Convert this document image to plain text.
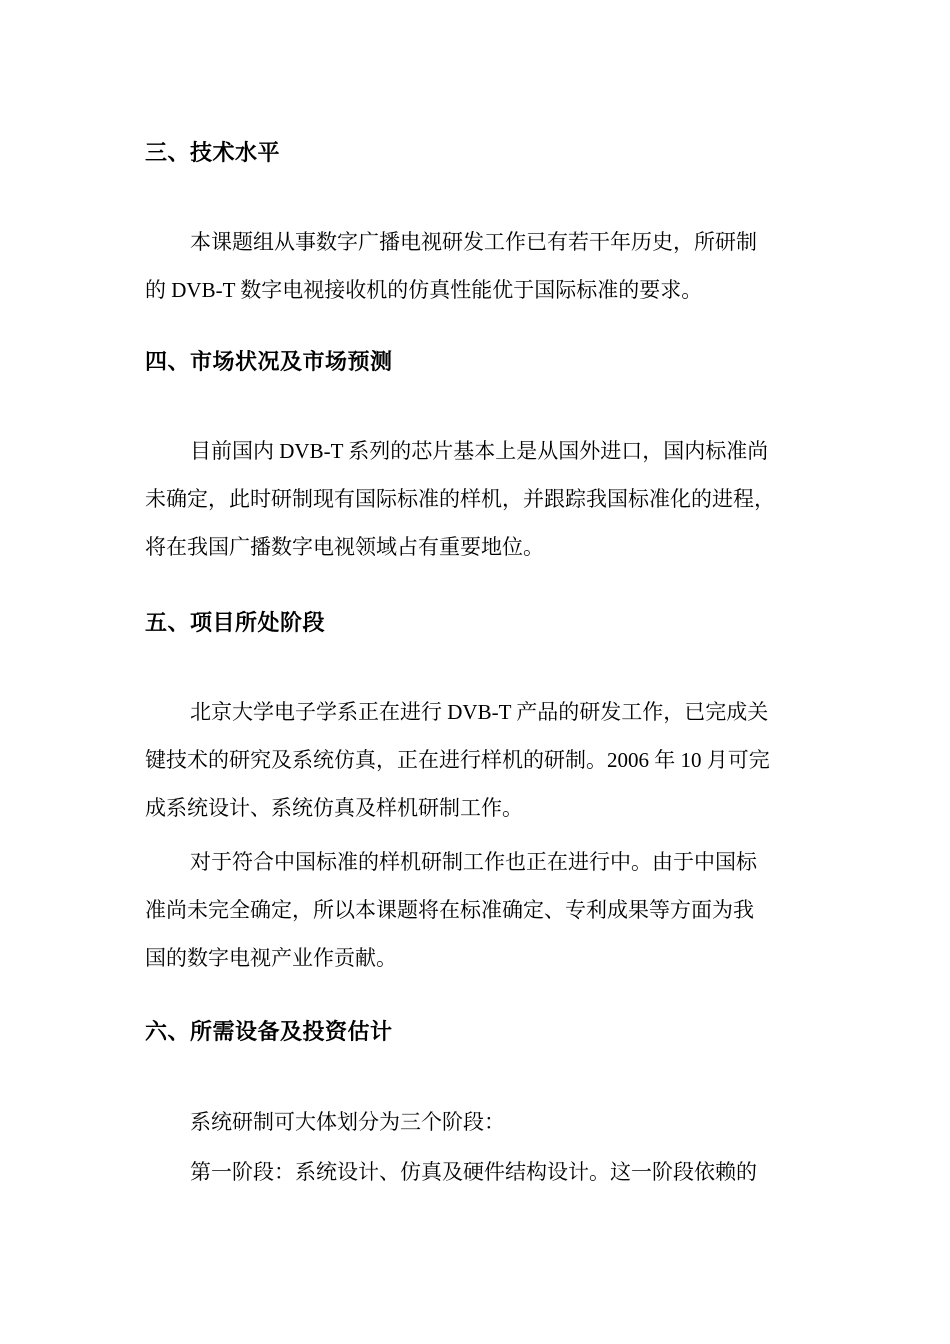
三、技术水平
本课题组从事数字广播电视研发工作已有若干年历史，所研制
的 DVB-T 数字电视接收机的仿真性能优于国际标准的要求。
四、市场状况及市场预测
目前国内 DVB-T 系列的芯片基本上是从国外进口，国内标准尚
未确定，此时研制现有国际标准的样机，并跟踪我国标准化的进程，
将在我国广播数字电视领域占有重要地位。
五、项目所处阶段
北京大学电子学系正在进行 DVB-T 产品的研发工作，已完成关
键技术的研究及系统仿真，正在进行样机的研制。2006 年 10 月可完
成系统设计、系统仿真及样机研制工作。
对于符合中国标准的样机研制工作也正在进行中。由于中国标
准尚未完全确定，所以本课题将在标准确定、专利成果等方面为我
国的数字电视产业作贡献。
六、所需设备及投资估计
系统研制可大体划分为三个阶段：
第一阶段：系统设计、仿真及硬件结构设计。这一阶段依赖的
